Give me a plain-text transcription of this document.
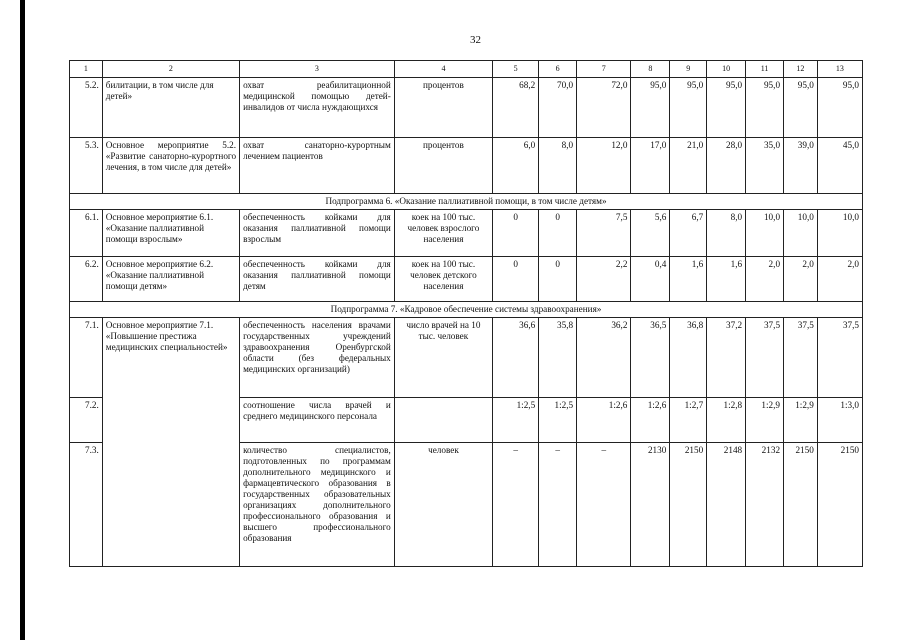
32
1	2	3	4	5	6	7	8	9	10	11	12	13
5.2.	билитации, в том числе для детей»	охват реабилитационной медицинской помощью детей-инвалидов от числа нуждающихся	процентов	68,2	70,0	72,0	95,0	95,0	95,0	95,0	95,0	95,0
5.3.	Основное мероприятие 5.2. «Развитие санаторно-курортного лечения, в том числе для детей»	охват санаторно-курортным лечением пациентов	процентов	6,0	8,0	12,0	17,0	21,0	28,0	35,0	39,0	45,0
Подпрограмма 6. «Оказание паллиативной помощи, в том числе детям»												
6.1.	Основное мероприятие 6.1. «Оказание паллиативной помощи взрослым»	обеспеченность койками для оказания паллиативной помощи взрослым	коек на 100 тыс. человек взрослого населения	0	0	7,5	5,6	6,7	8,0	10,0	10,0	10,0
6.2.	Основное мероприятие 6.2. «Оказание паллиативной помощи детям»	обеспеченность койками для оказания паллиативной помощи детям	коек на 100 тыс. человек детского населения	0	0	2,2	0,4	1,6	1,6	2,0	2,0	2,0
Подпрограмма 7. «Кадровое обеспечение системы здравоохранения»												
7.1.	Основное мероприятие 7.1. «Повышение престижа медицинских специальностей»	обеспеченность населения врачами государственных учреждений здравоохранения Оренбургской области (без федеральных медицинских организаций)	число врачей на 10 тыс. человек	36,6	35,8	36,2	36,5	36,8	37,2	37,5	37,5	37,5
7.2.		соотношение числа врачей и среднего медицинского персонала		1:2,5	1:2,5	1:2,6	1:2,6	1:2,7	1:2,8	1:2,9	1:2,9	1:3,0
7.3.		количество специалистов, подготовленных по программам дополнительного медицинского и фармацевтического образования в государственных образовательных организациях дополнительного профессионального образования и высшего профессионального образования	человек	–	–	–	2130	2150	2148	2132	2150	2150
